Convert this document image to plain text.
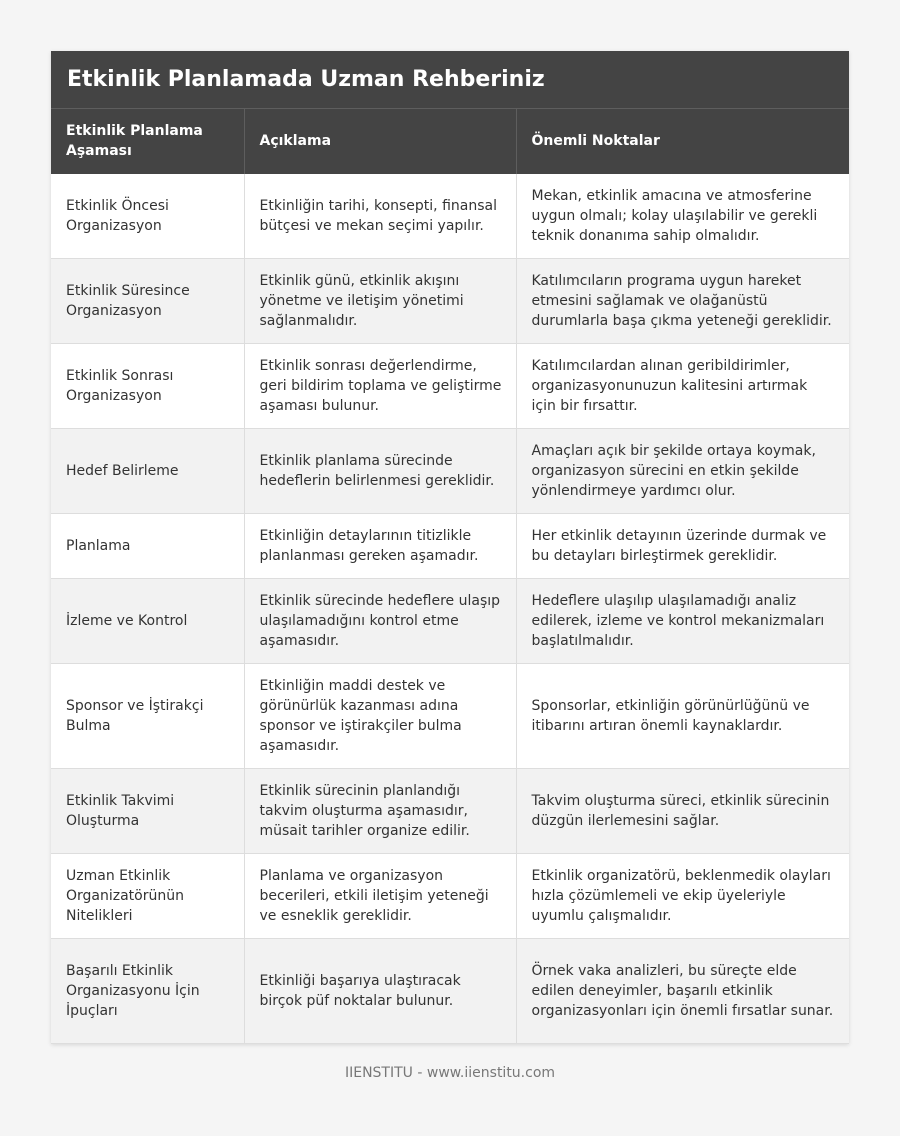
Etkinlik Planlamada Uzman Rehberiniz
Etkinlik Planlama Aşaması	Açıklama	Önemli Noktalar
Etkinlik Öncesi Organizasyon	Etkinliğin tarihi, konsepti, finansal bütçesi ve mekan seçimi yapılır.	Mekan, etkinlik amacına ve atmosferine uygun olmalı; kolay ulaşılabilir ve gerekli teknik donanıma sahip olmalıdır.
Etkinlik Süresince Organizasyon	Etkinlik günü, etkinlik akışını yönetme ve iletişim yönetimi sağlanmalıdır.	Katılımcıların programa uygun hareket etmesini sağlamak ve olağanüstü durumlarla başa çıkma yeteneği gereklidir.
Etkinlik Sonrası Organizasyon	Etkinlik sonrası değerlendirme, geri bildirim toplama ve geliştirme aşaması bulunur.	Katılımcılardan alınan geribildirimler, organizasyonunuzun kalitesini artırmak için bir fırsattır.
Hedef Belirleme	Etkinlik planlama sürecinde hedeflerin belirlenmesi gereklidir.	Amaçları açık bir şekilde ortaya koymak, organizasyon sürecini en etkin şekilde yönlendirmeye yardımcı olur.
Planlama	Etkinliğin detaylarının titizlikle planlanması gereken aşamadır.	Her etkinlik detayının üzerinde durmak ve bu detayları birleştirmek gereklidir.
İzleme ve Kontrol	Etkinlik sürecinde hedeflere ulaşıp ulaşılamadığını kontrol etme aşamasıdır.	Hedeflere ulaşılıp ulaşılamadığı analiz edilerek, izleme ve kontrol mekanizmaları başlatılmalıdır.
Sponsor ve İştirakçi Bulma	Etkinliğin maddi destek ve görünürlük kazanması adına sponsor ve iştirakçiler bulma aşamasıdır.	Sponsorlar, etkinliğin görünürlüğünü ve itibarını artıran önemli kaynaklardır.
Etkinlik Takvimi Oluşturma	Etkinlik sürecinin planlandığı takvim oluşturma aşamasıdır, müsait tarihler organize edilir.	Takvim oluşturma süreci, etkinlik sürecinin düzgün ilerlemesini sağlar.
Uzman Etkinlik Organizatörünün Nitelikleri	Planlama ve organizasyon becerileri, etkili iletişim yeteneği ve esneklik gereklidir.	Etkinlik organizatörü, beklenmedik olayları hızla çözümlemeli ve ekip üyeleriyle uyumlu çalışmalıdır.
Başarılı Etkinlik Organizasyonu İçin İpuçları	Etkinliği başarıya ulaştıracak birçok püf noktalar bulunur.	Örnek vaka analizleri, bu süreçte elde edilen deneyimler, başarılı etkinlik organizasyonları için önemli fırsatlar sunar.
IIENSTITU - www.iienstitu.com
